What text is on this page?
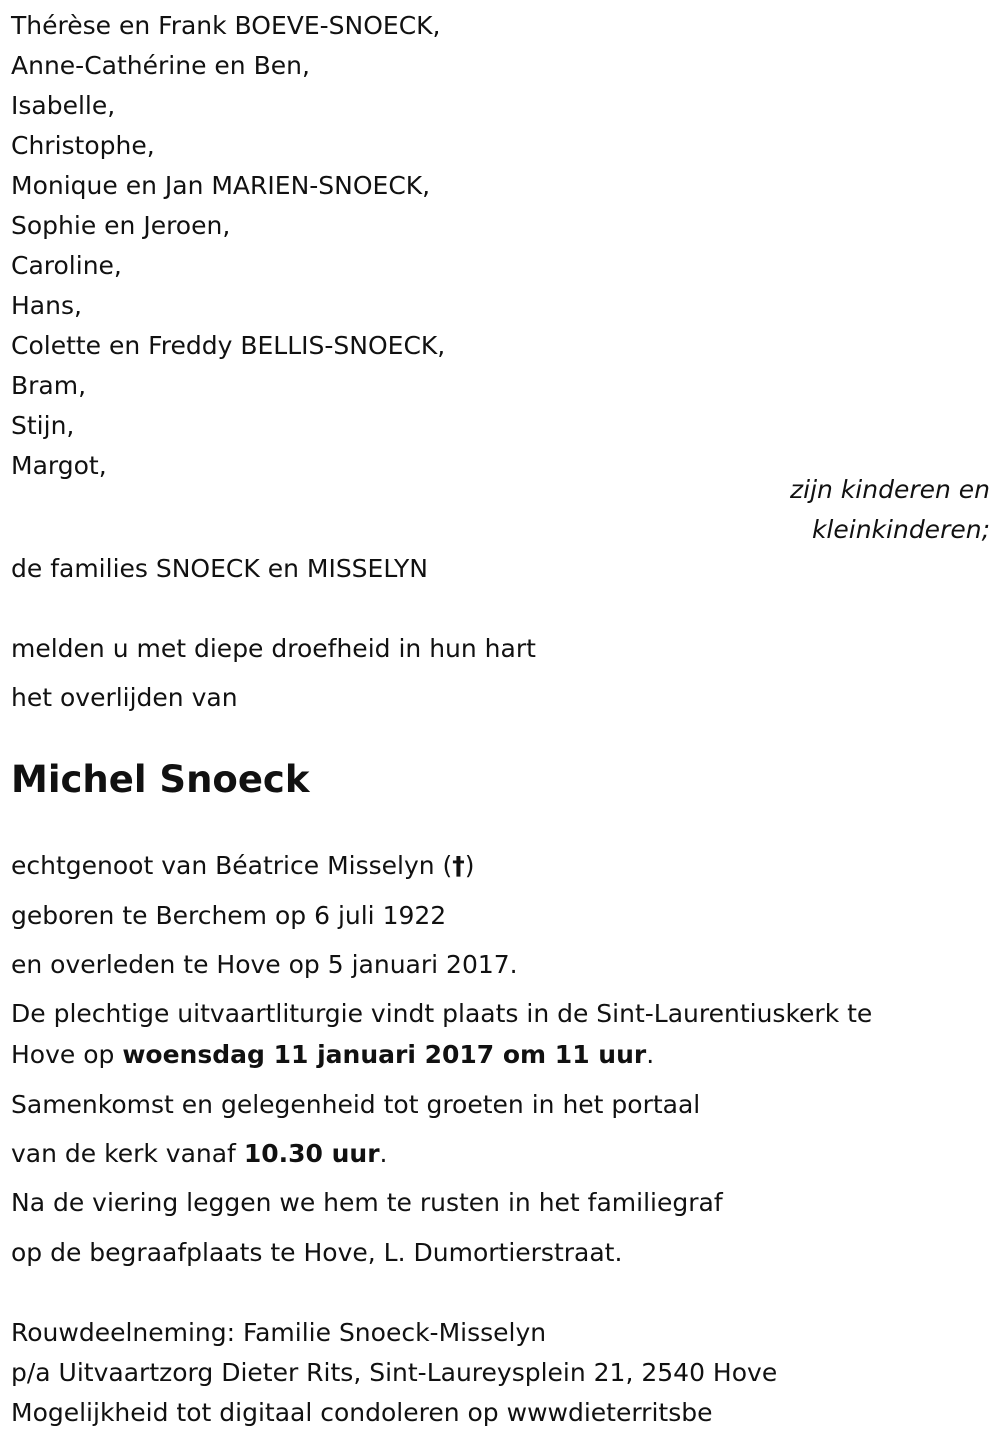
Thérèse en Frank BOEVE-SNOECK,

Anne-Cathérine en Ben,

Isabelle,

Christophe,

Monique en Jan MARIEN-SNOECK,

Sophie en Jeroen,

Caroline,

Hans,

Colette en Freddy BELLIS-SNOECK,

Bram,

Stijn,

Margot,

zijn kinderen en

kleinkinderen;

de families SNOECK en MISSELYN

melden u met diepe droefheid in hun hart

het overlijden van

Michel Snoeck

echtgenoot van Béatrice Misselyn (†)

geboren te Berchem op 6 juli 1922

en overleden te Hove op 5 januari 2017.

De plechtige uitvaartliturgie vindt plaats in de Sint-Laurentiuskerk te

Hove op woensdag 11 januari 2017 om 11 uur.

Samenkomst en gelegenheid tot groeten in het portaal

van de kerk vanaf 10.30 uur.

Na de viering leggen we hem te rusten in het familiegraf

op de begraafplaats te Hove, L. Dumortierstraat.

Rouwdeelneming: Familie Snoeck-Misselyn

p/a Uitvaartzorg Dieter Rits, Sint-Laureysplein 21, 2540 Hove

Mogelijkheid tot digitaal condoleren op wwwdieterritsbe
